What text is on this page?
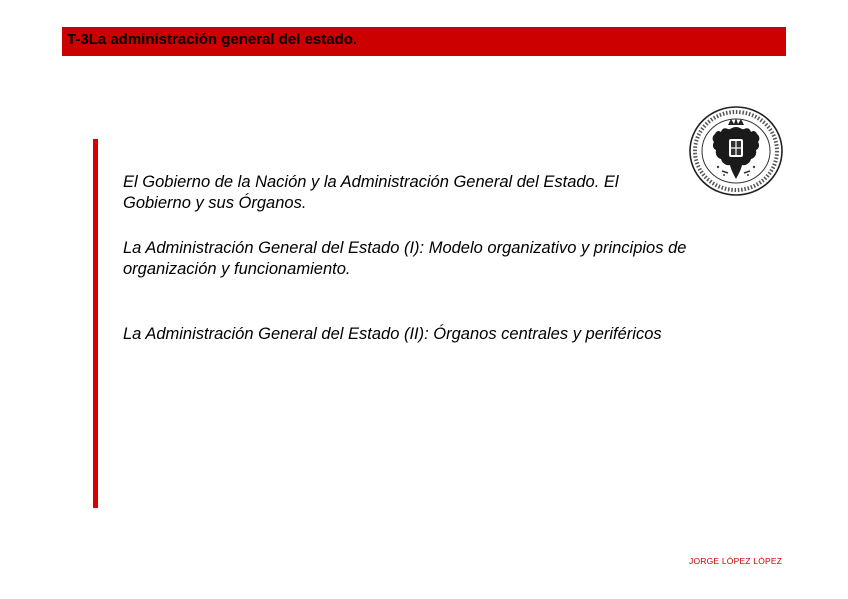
T-3La administración general del estado.
El Gobierno de la Nación y la Administración General del Estado. El Gobierno y sus Órganos.
La Administración General del Estado (I): Modelo organizativo y principios de organización y funcionamiento.
La Administración General del Estado (II): Órganos centrales y periféricos
JORGE LÓPEZ LÓPEZ
